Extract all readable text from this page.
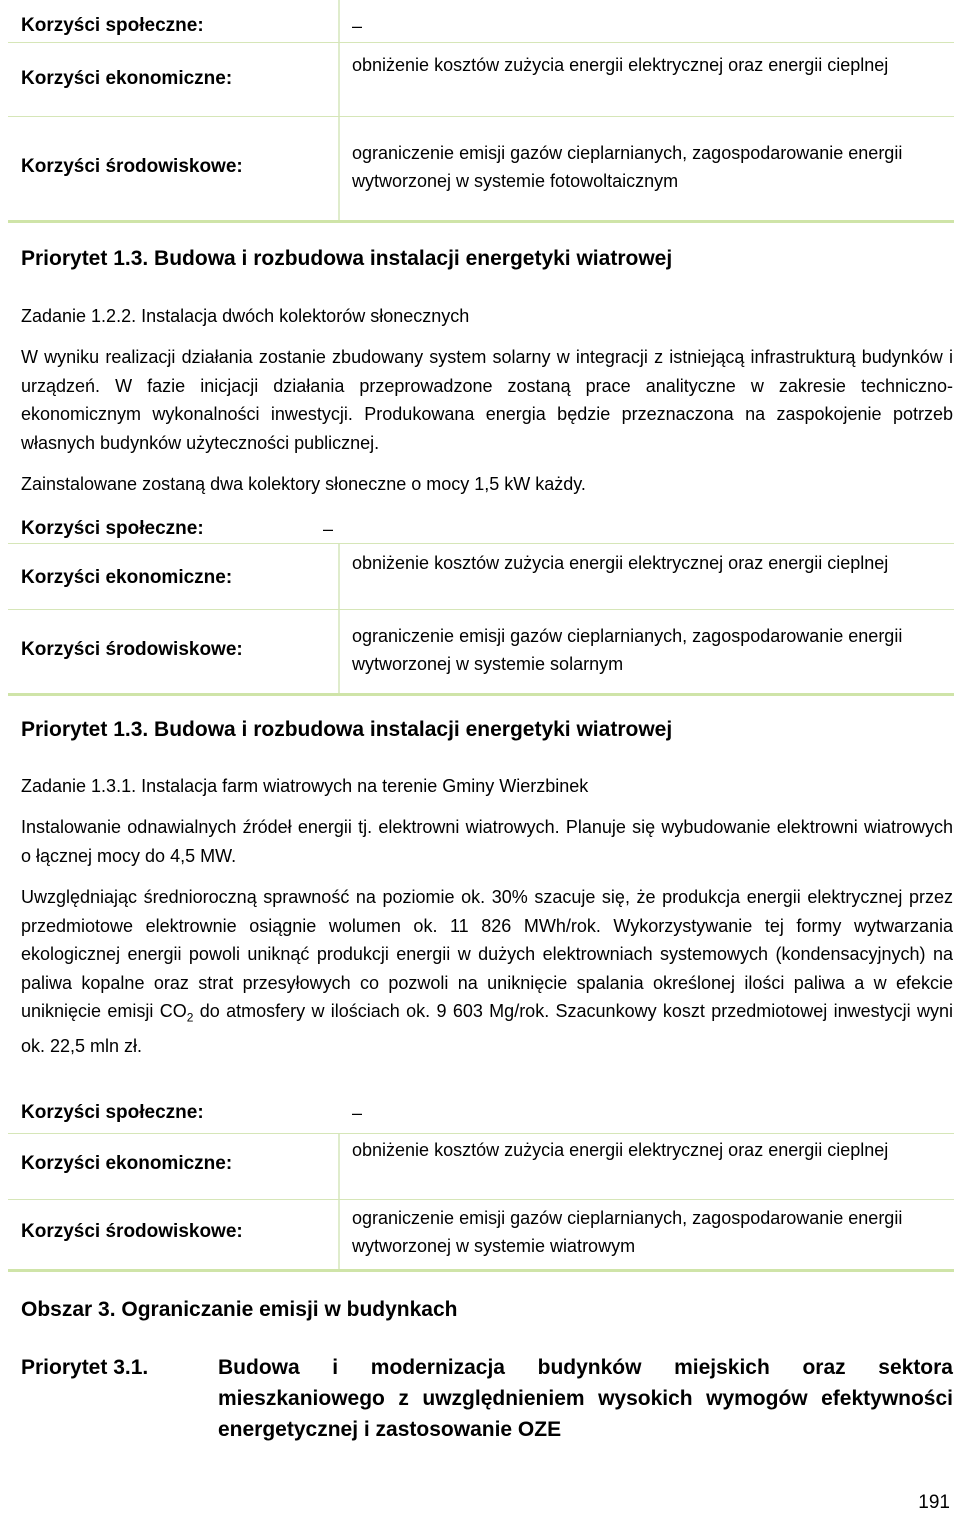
Korzyści społeczne:	–
Korzyści ekonomiczne:
obniżenie kosztów zużycia energii elektrycznej oraz energii cieplnej
Korzyści środowiskowe:
ograniczenie emisji gazów cieplarnianych, zagospodarowanie energii wytworzonej w systemie fotowoltaicznym
Priorytet 1.3. Budowa i rozbudowa instalacji energetyki wiatrowej
Zadanie 1.2.2. Instalacja dwóch kolektorów słonecznych
W wyniku realizacji działania zostanie zbudowany system solarny w integracji z istniejącą infrastrukturą budynków i urządzeń. W fazie inicjacji działania przeprowadzone zostaną prace analityczne w zakresie techniczno-ekonomicznym wykonalności inwestycji. Produkowana energia będzie przeznaczona na zaspokojenie potrzeb własnych budynków użyteczności publicznej.
Zainstalowane zostaną dwa kolektory słoneczne o mocy 1,5 kW każdy.
Korzyści społeczne:	–
Korzyści ekonomiczne:
obniżenie kosztów zużycia energii elektrycznej oraz energii cieplnej
Korzyści środowiskowe:
ograniczenie emisji gazów cieplarnianych, zagospodarowanie energii wytworzonej w systemie solarnym
Priorytet 1.3. Budowa i rozbudowa instalacji energetyki wiatrowej
Zadanie 1.3.1. Instalacja farm wiatrowych na terenie Gminy Wierzbinek
Instalowanie odnawialnych źródeł energii tj. elektrowni wiatrowych. Planuje się wybudowanie elektrowni wiatrowych o łącznej mocy do 4,5 MW.
Uwzględniając średnioroczną sprawność na poziomie ok. 30% szacuje się, że produkcja energii elektrycznej przez przedmiotowe elektrownie osiągnie wolumen ok. 11 826 MWh/rok. Wykorzystywanie tej formy wytwarzania ekologicznej energii powoli uniknąć produkcji energii w dużych elektrowniach systemowych (kondensacyjnych) na paliwa kopalne oraz strat przesyłowych co pozwoli na uniknięcie spalania określonej ilości paliwa a w efekcie uniknięcie emisji $CO_2$ do atmosfery w ilościach ok. 9 603 Mg/rok. Szacunkowy koszt przedmiotowej inwestycji wyni ok. 22,5 mln zł.
Korzyści społeczne:	–
Korzyści ekonomiczne:
obniżenie kosztów zużycia energii elektrycznej oraz energii cieplnej
Korzyści środowiskowe:
ograniczenie emisji gazów cieplarnianych, zagospodarowanie energii wytworzonej w systemie wiatrowym
Obszar 3. Ograniczanie emisji w budynkach
Priorytet 3.1.	Budowa i modernizacja budynków miejskich oraz sektora mieszkaniowego z uwzględnieniem wysokich wymogów efektywności energetycznej i zastosowanie OZE
191
